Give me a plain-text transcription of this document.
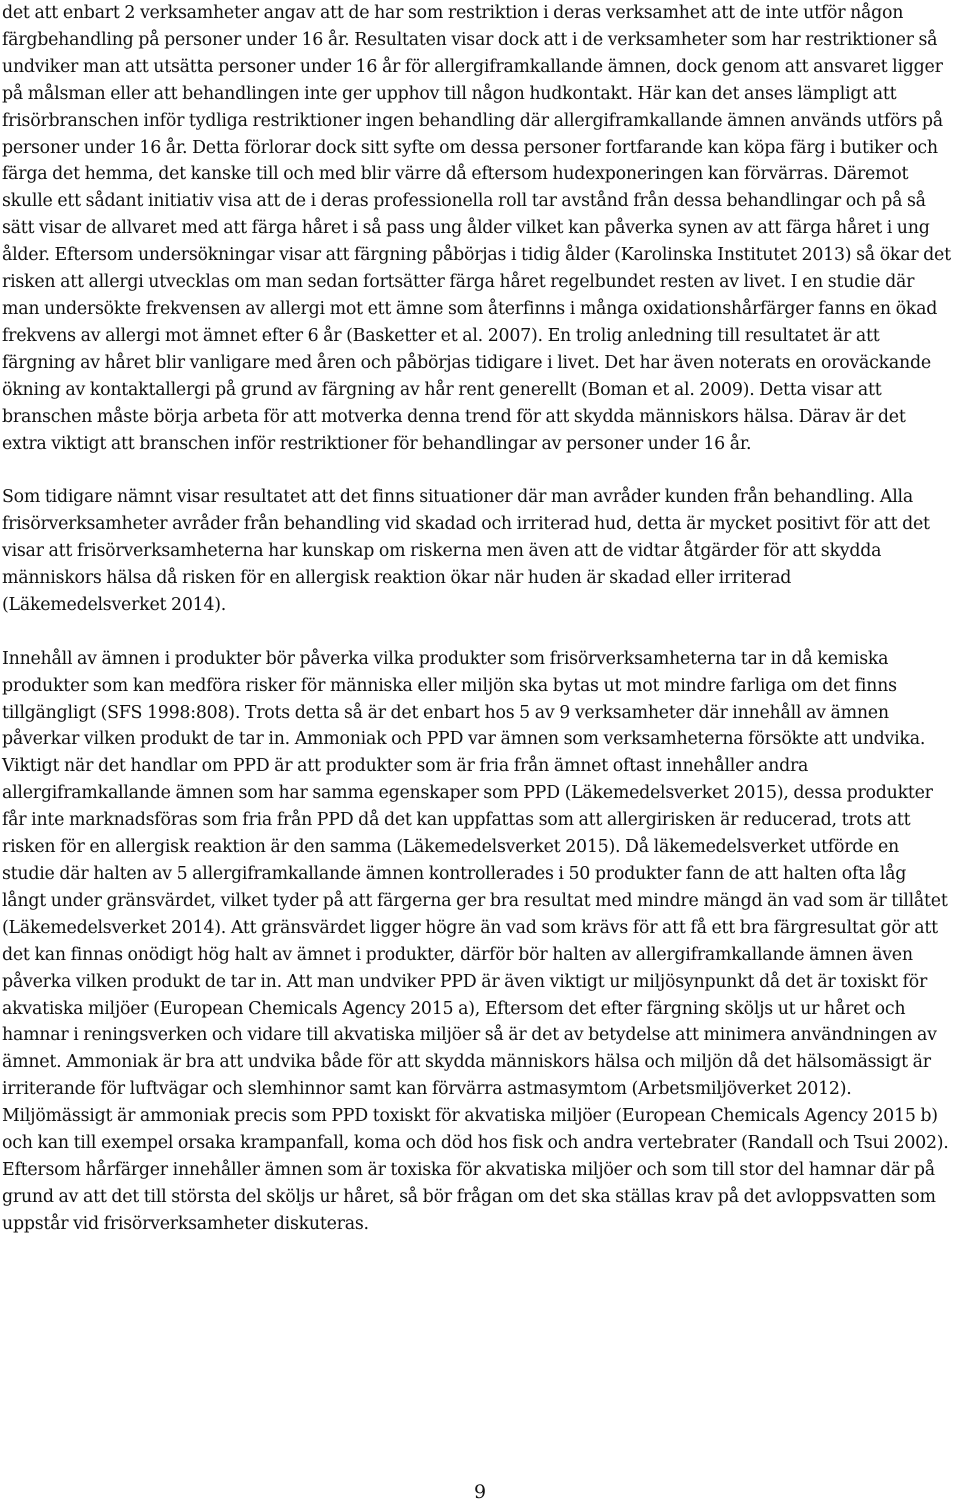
det att enbart 2 verksamheter angav att de har som restriktion i deras verksamhet att de inte utför någon färgbehandling på personer under 16 år. Resultaten visar dock att i de verksamheter som har restriktioner så undviker man att utsätta personer under 16 år för allergiframkallande ämnen, dock genom att ansvaret ligger på målsman eller att behandlingen inte ger upphov till någon hudkontakt. Här kan det anses lämpligt att frisörbranschen inför tydliga restriktioner ingen behandling där allergiframkallande ämnen används utförs på personer under 16 år. Detta förlorar dock sitt syfte om dessa personer fortfarande kan köpa färg i butiker och färga det hemma, det kanske till och med blir värre då eftersom hudexponeringen kan förvärras. Däremot skulle ett sådant initiativ visa att de i deras professionella roll tar avstånd från dessa behandlingar och på så sätt visar de allvaret med att färga håret i så pass ung ålder vilket kan påverka synen av att färga håret i ung ålder. Eftersom undersökningar visar att färgning påbörjas i tidig ålder (Karolinska Institutet 2013) så ökar det risken att allergi utvecklas om man sedan fortsätter färga håret regelbundet resten av livet. I en studie där man undersökte frekvensen av allergi mot ett ämne som återfinns i många oxidationshårfärger fanns en ökad frekvens av allergi mot ämnet efter 6 år (Basketter et al. 2007). En trolig anledning till resultatet är att färgning av håret blir vanligare med åren och påbörjas tidigare i livet. Det har även noterats en oroväckande ökning av kontaktallergi på grund av färgning av hår rent generellt (Boman et al. 2009). Detta visar att branschen måste börja arbeta för att motverka denna trend för att skydda människors hälsa. Därav är det extra viktigt att branschen inför restriktioner för behandlingar av personer under 16 år.

Som tidigare nämnt visar resultatet att det finns situationer där man avråder kunden från behandling. Alla frisörverksamheter avråder från behandling vid skadad och irriterad hud, detta är mycket positivt för att det visar att frisörverksamheterna har kunskap om riskerna men även att de vidtar åtgärder för att skydda människors hälsa då risken för en allergisk reaktion ökar när huden är skadad eller irriterad (Läkemedelsverket 2014).

Innehåll av ämnen i produkter bör påverka vilka produkter som frisörverksamheterna tar in då kemiska produkter som kan medföra risker för människa eller miljön ska bytas ut mot mindre farliga om det finns tillgängligt (SFS 1998:808). Trots detta så är det enbart hos 5 av 9 verksamheter där innehåll av ämnen påverkar vilken produkt de tar in. Ammoniak och PPD var ämnen som verksamheterna försökte att undvika. Viktigt när det handlar om PPD är att produkter som är fria från ämnet oftast innehåller andra allergiframkallande ämnen som har samma egenskaper som PPD (Läkemedelsverket 2015), dessa produkter får inte marknadsföras som fria från PPD då det kan uppfattas som att allergirisken är reducerad, trots att risken för en allergisk reaktion är den samma (Läkemedelsverket 2015). Då läkemedelsverket utförde en studie där halten av 5 allergiframkallande ämnen kontrollerades i 50 produkter fann de att halten ofta låg långt under gränsvärdet, vilket tyder på att färgerna ger bra resultat med mindre mängd än vad som är tillåtet (Läkemedelsverket 2014). Att gränsvärdet ligger högre än vad som krävs för att få ett bra färgresultat gör att det kan finnas onödigt hög halt av ämnet i produkter, därför bör halten av allergiframkallande ämnen även påverka vilken produkt de tar in. Att man undviker PPD är även viktigt ur miljösynpunkt då det är toxiskt för akvatiska miljöer (European Chemicals Agency 2015 a), Eftersom det efter färgning sköljs ut ur håret och hamnar i reningsverken och vidare till akvatiska miljöer så är det av betydelse att minimera användningen av ämnet. Ammoniak är bra att undvika både för att skydda människors hälsa och miljön då det hälsomässigt är irriterande för luftvägar och slemhinnor samt kan förvärra astmasymtom (Arbetsmiljöverket 2012). Miljömässigt är ammoniak precis som PPD toxiskt för akvatiska miljöer (European Chemicals Agency 2015 b) och kan till exempel orsaka krampanfall, koma och död hos fisk och andra vertebrater (Randall och Tsui 2002). Eftersom hårfärger innehåller ämnen som är toxiska för akvatiska miljöer och som till stor del hamnar där på grund av att det till största del sköljs ur håret, så bör frågan om det ska ställas krav på det avloppsvatten som uppstår vid frisörverksamheter diskuteras.

9
